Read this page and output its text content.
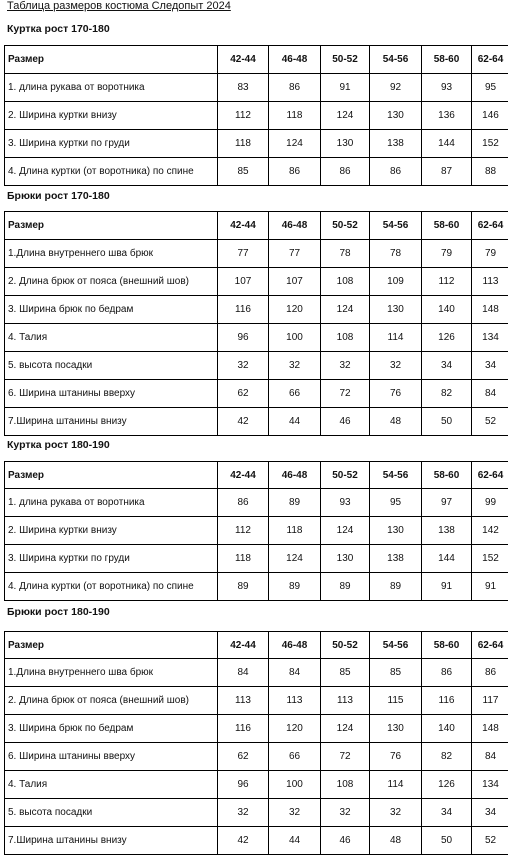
Таблица размеров костюма Следопыт 2024
Куртка рост 170-180
Размер	42-44	46-48	50-52	54-56	58-60	62-64
1. длина рукава от воротника	83	86	91	92	93	95
2. Ширина куртки внизу	112	118	124	130	136	146
3. Ширина куртки по груди	118	124	130	138	144	152
4. Длина куртки (от воротника) по спине	85	86	86	86	87	88
Брюки рост 170-180
Размер	42-44	46-48	50-52	54-56	58-60	62-64
1.Длина внутреннего шва брюк	77	77	78	78	79	79
2. Длина брюк от пояса (внешний шов)	107	107	108	109	112	113
3. Ширина брюк по бедрам	116	120	124	130	140	148
4. Талия	96	100	108	114	126	134
5. высота посадки	32	32	32	32	34	34
6. Ширина штанины вверху	62	66	72	76	82	84
7.Ширина штанины внизу	42	44	46	48	50	52
Куртка рост 180-190
Размер	42-44	46-48	50-52	54-56	58-60	62-64
1. длина рукава от воротника	86	89	93	95	97	99
2. Ширина куртки внизу	112	118	124	130	138	142
3. Ширина куртки по груди	118	124	130	138	144	152
4. Длина куртки (от воротника) по спине	89	89	89	89	91	91
Брюки рост 180-190
Размер	42-44	46-48	50-52	54-56	58-60	62-64
1.Длина внутреннего шва брюк	84	84	85	85	86	86
2. Длина брюк от пояса (внешний шов)	113	113	113	115	116	117
3. Ширина брюк по бедрам	116	120	124	130	140	148
6. Ширина штанины вверху	62	66	72	76	82	84
4. Талия	96	100	108	114	126	134
5. высота посадки	32	32	32	32	34	34
7.Ширина штанины внизу	42	44	46	48	50	52
